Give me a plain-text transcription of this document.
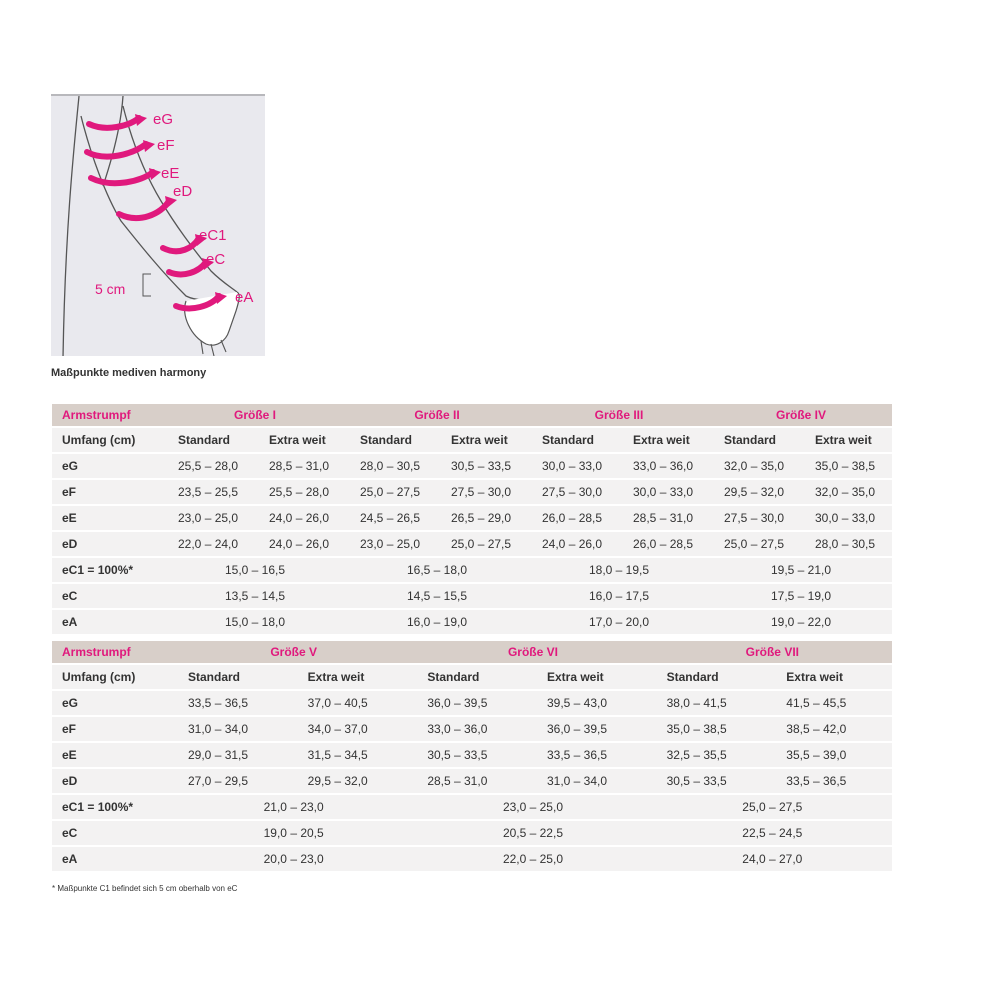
eG
eF
eE
eD
eC1
eC
eA
5 cm
Maßpunkte mediven harmony
Armstrumpf	Größe I		Größe II		Größe III		Größe IV	
Umfang (cm)	Standard	Extra weit	Standard	Extra weit	Standard	Extra weit	Standard	Extra weit
eG	25,5 – 28,0	28,5 – 31,0	28,0 – 30,5	30,5 – 33,5	30,0 – 33,0	33,0 – 36,0	32,0 – 35,0	35,0 – 38,5
eF	23,5 – 25,5	25,5 – 28,0	25,0 – 27,5	27,5 – 30,0	27,5 – 30,0	30,0 – 33,0	29,5 – 32,0	32,0 – 35,0
eE	23,0 – 25,0	24,0 – 26,0	24,5 – 26,5	26,5 – 29,0	26,0 – 28,5	28,5 – 31,0	27,5 – 30,0	30,0 – 33,0
eD	22,0 – 24,0	24,0 – 26,0	23,0 – 25,0	25,0 – 27,5	24,0 – 26,0	26,0 – 28,5	25,0 – 27,5	28,0 – 30,5
eC1 = 100%*	15,0 – 16,5		16,5 – 18,0		18,0 – 19,5		19,5 – 21,0	
eC	13,5 – 14,5		14,5 – 15,5		16,0 – 17,5		17,5 – 19,0	
eA	15,0 – 18,0		16,0 – 19,0		17,0 – 20,0		19,0 – 22,0	
Armstrumpf	Größe V		Größe VI		Größe VII	
Umfang (cm)	Standard	Extra weit	Standard	Extra weit	Standard	Extra weit
eG	33,5 – 36,5	37,0 – 40,5	36,0 – 39,5	39,5 – 43,0	38,0 – 41,5	41,5 – 45,5
eF	31,0 – 34,0	34,0 – 37,0	33,0 – 36,0	36,0 – 39,5	35,0 – 38,5	38,5 – 42,0
eE	29,0 – 31,5	31,5 – 34,5	30,5 – 33,5	33,5 – 36,5	32,5 – 35,5	35,5 – 39,0
eD	27,0 – 29,5	29,5 – 32,0	28,5 – 31,0	31,0 – 34,0	30,5 – 33,5	33,5 – 36,5
eC1 = 100%*	21,0 – 23,0		23,0 – 25,0		25,0 – 27,5	
eC	19,0 – 20,5		20,5 – 22,5		22,5 – 24,5	
eA	20,0 – 23,0		22,0 – 25,0		24,0 – 27,0	
* Maßpunkte C1 befindet sich 5 cm oberhalb von eC
